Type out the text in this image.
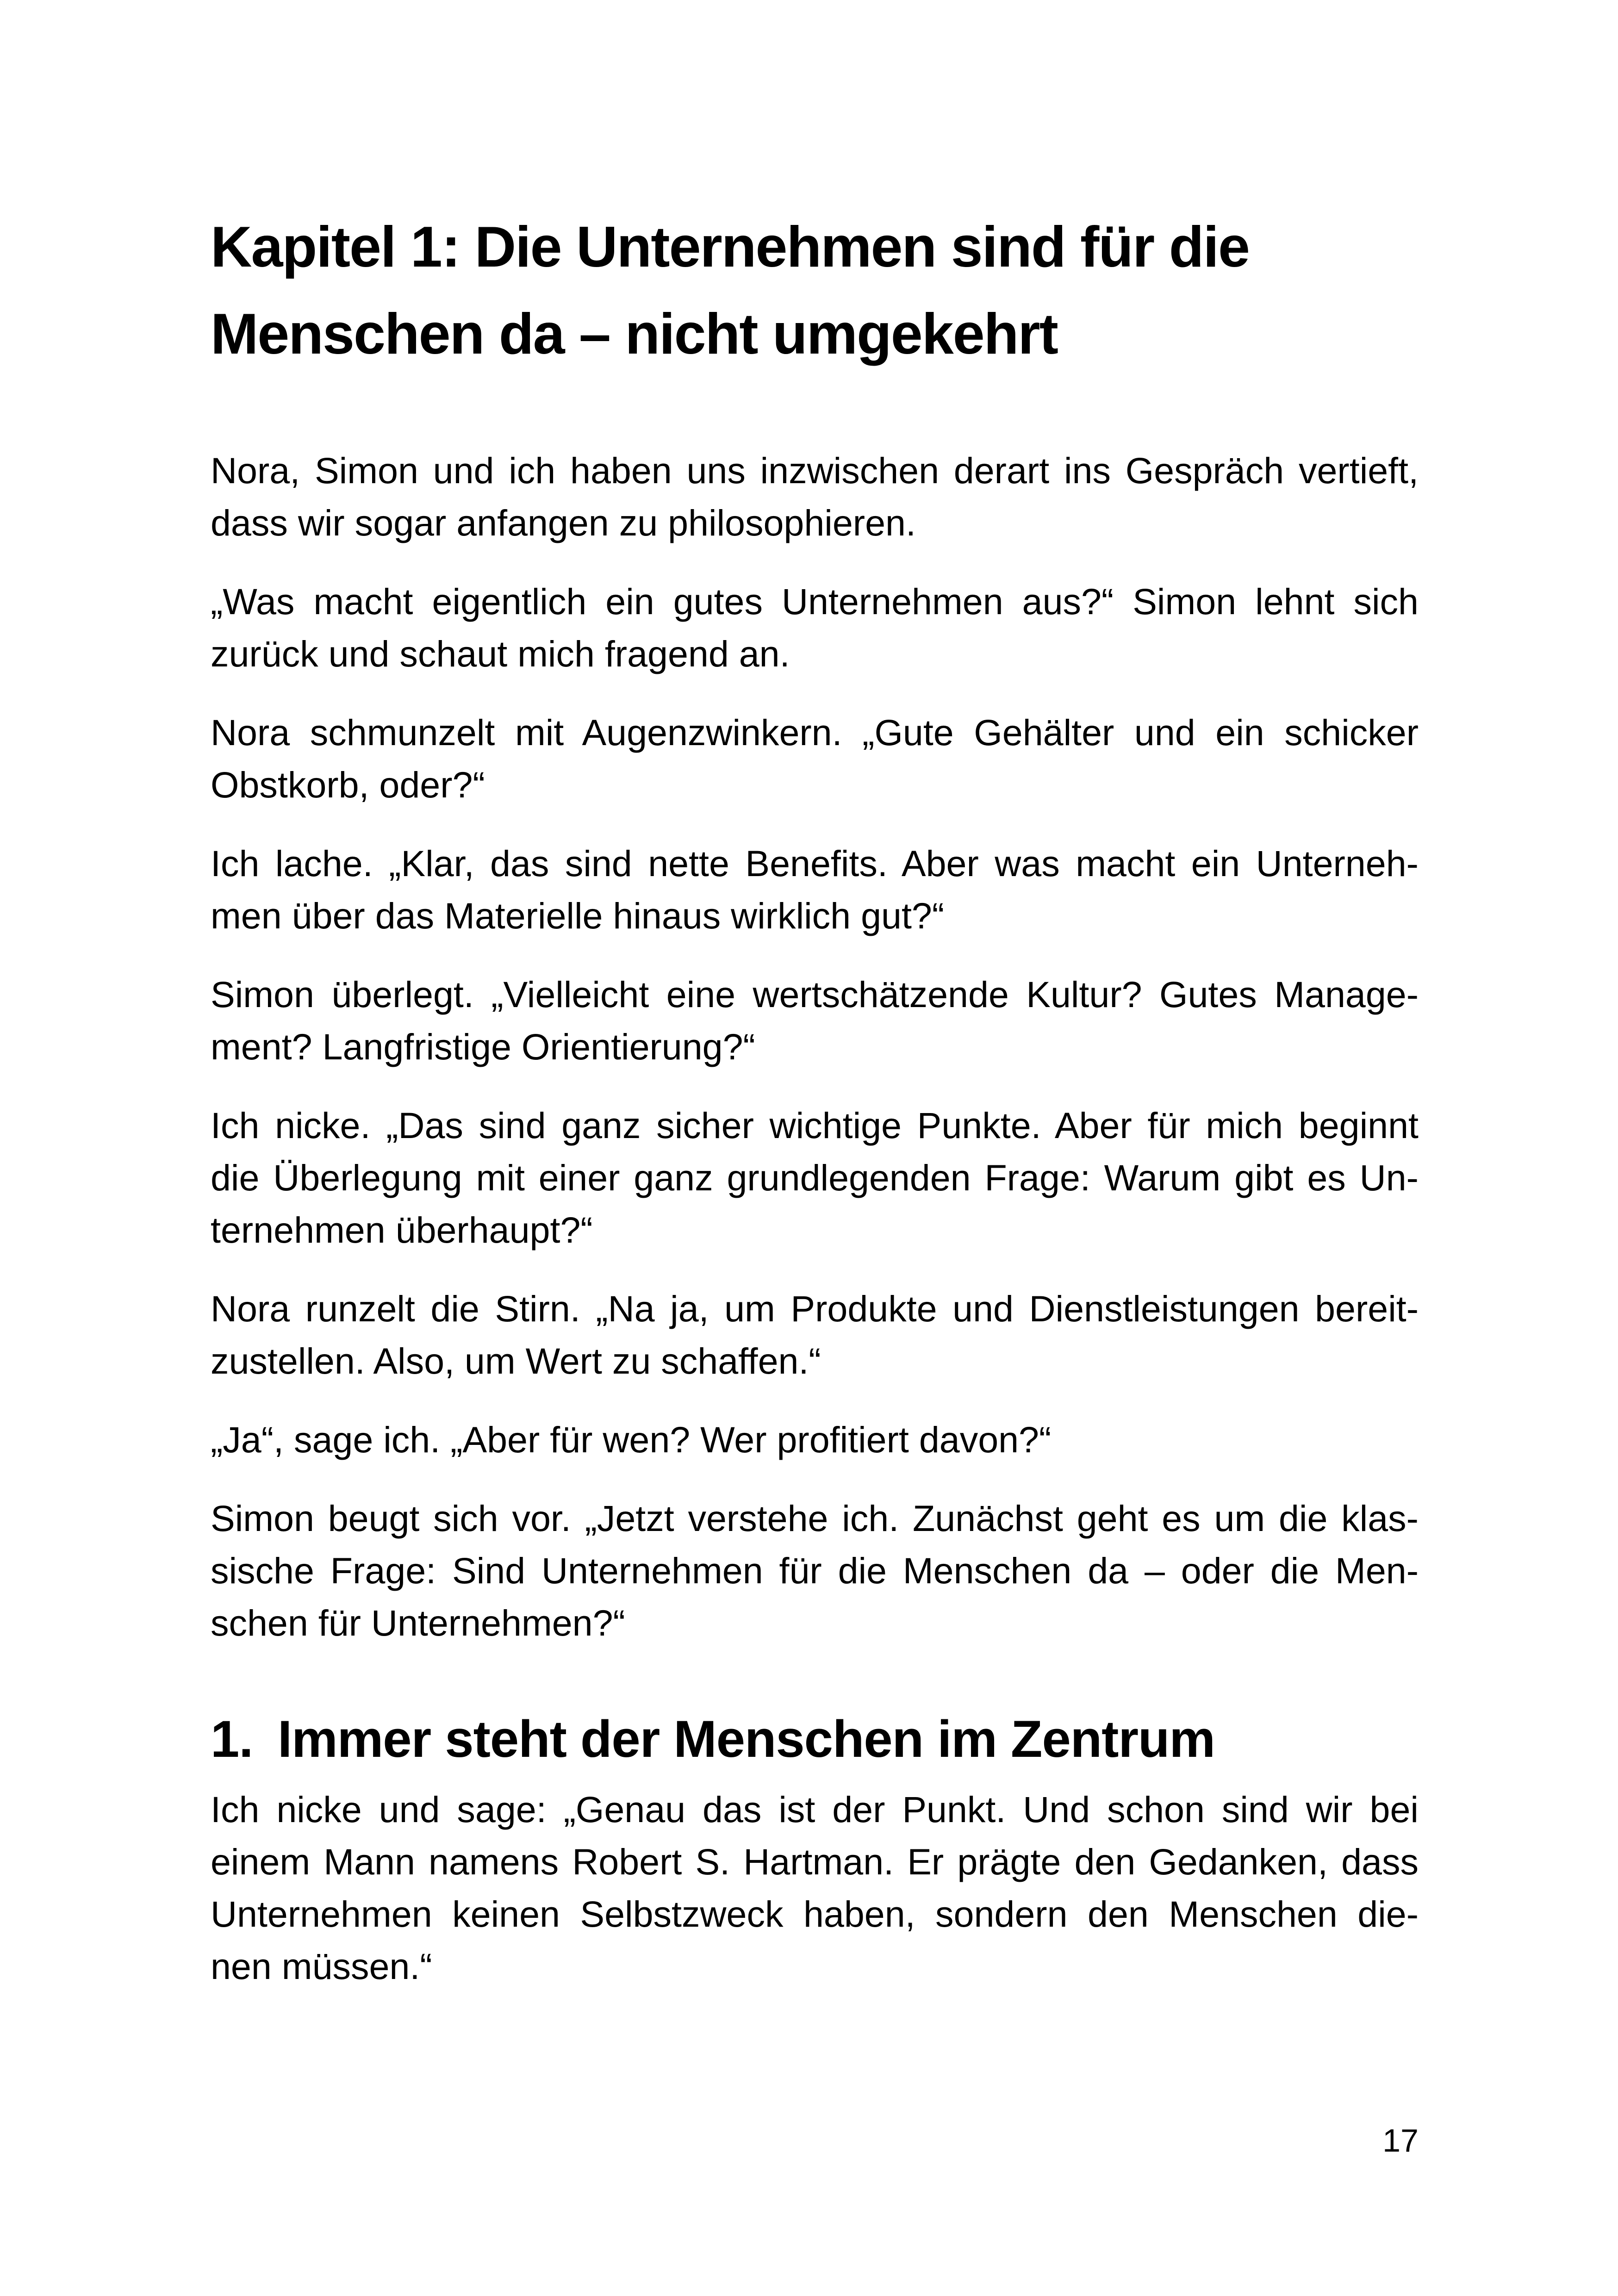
Kapitel 1: Die Unternehmen sind für die
Menschen da – nicht umgekehrt

Nora, Simon und ich haben uns inzwischen derart ins Gespräch vertieft,
dass wir sogar anfangen zu philosophieren.

„Was macht eigentlich ein gutes Unternehmen aus?“ Simon lehnt sich
zurück und schaut mich fragend an.

Nora schmunzelt mit Augenzwinkern. „Gute Gehälter und ein schicker
Obstkorb, oder?“

Ich lache. „Klar, das sind nette Benefits. Aber was macht ein Unterneh-
men über das Materielle hinaus wirklich gut?“

Simon überlegt. „Vielleicht eine wertschätzende Kultur? Gutes Manage-
ment? Langfristige Orientierung?“

Ich nicke. „Das sind ganz sicher wichtige Punkte. Aber für mich beginnt
die Überlegung mit einer ganz grundlegenden Frage: Warum gibt es Un-
ternehmen überhaupt?“

Nora runzelt die Stirn. „Na ja, um Produkte und Dienstleistungen bereit-
zustellen. Also, um Wert zu schaffen.“

„Ja“, sage ich. „Aber für wen? Wer profitiert davon?“

Simon beugt sich vor. „Jetzt verstehe ich. Zunächst geht es um die klas-
sische Frage: Sind Unternehmen für die Menschen da – oder die Men-
schen für Unternehmen?“

1. Immer steht der Menschen im Zentrum

Ich nicke und sage: „Genau das ist der Punkt. Und schon sind wir bei
einem Mann namens Robert S. Hartman. Er prägte den Gedanken, dass
Unternehmen keinen Selbstzweck haben, sondern den Menschen die-
nen müssen.“

17
